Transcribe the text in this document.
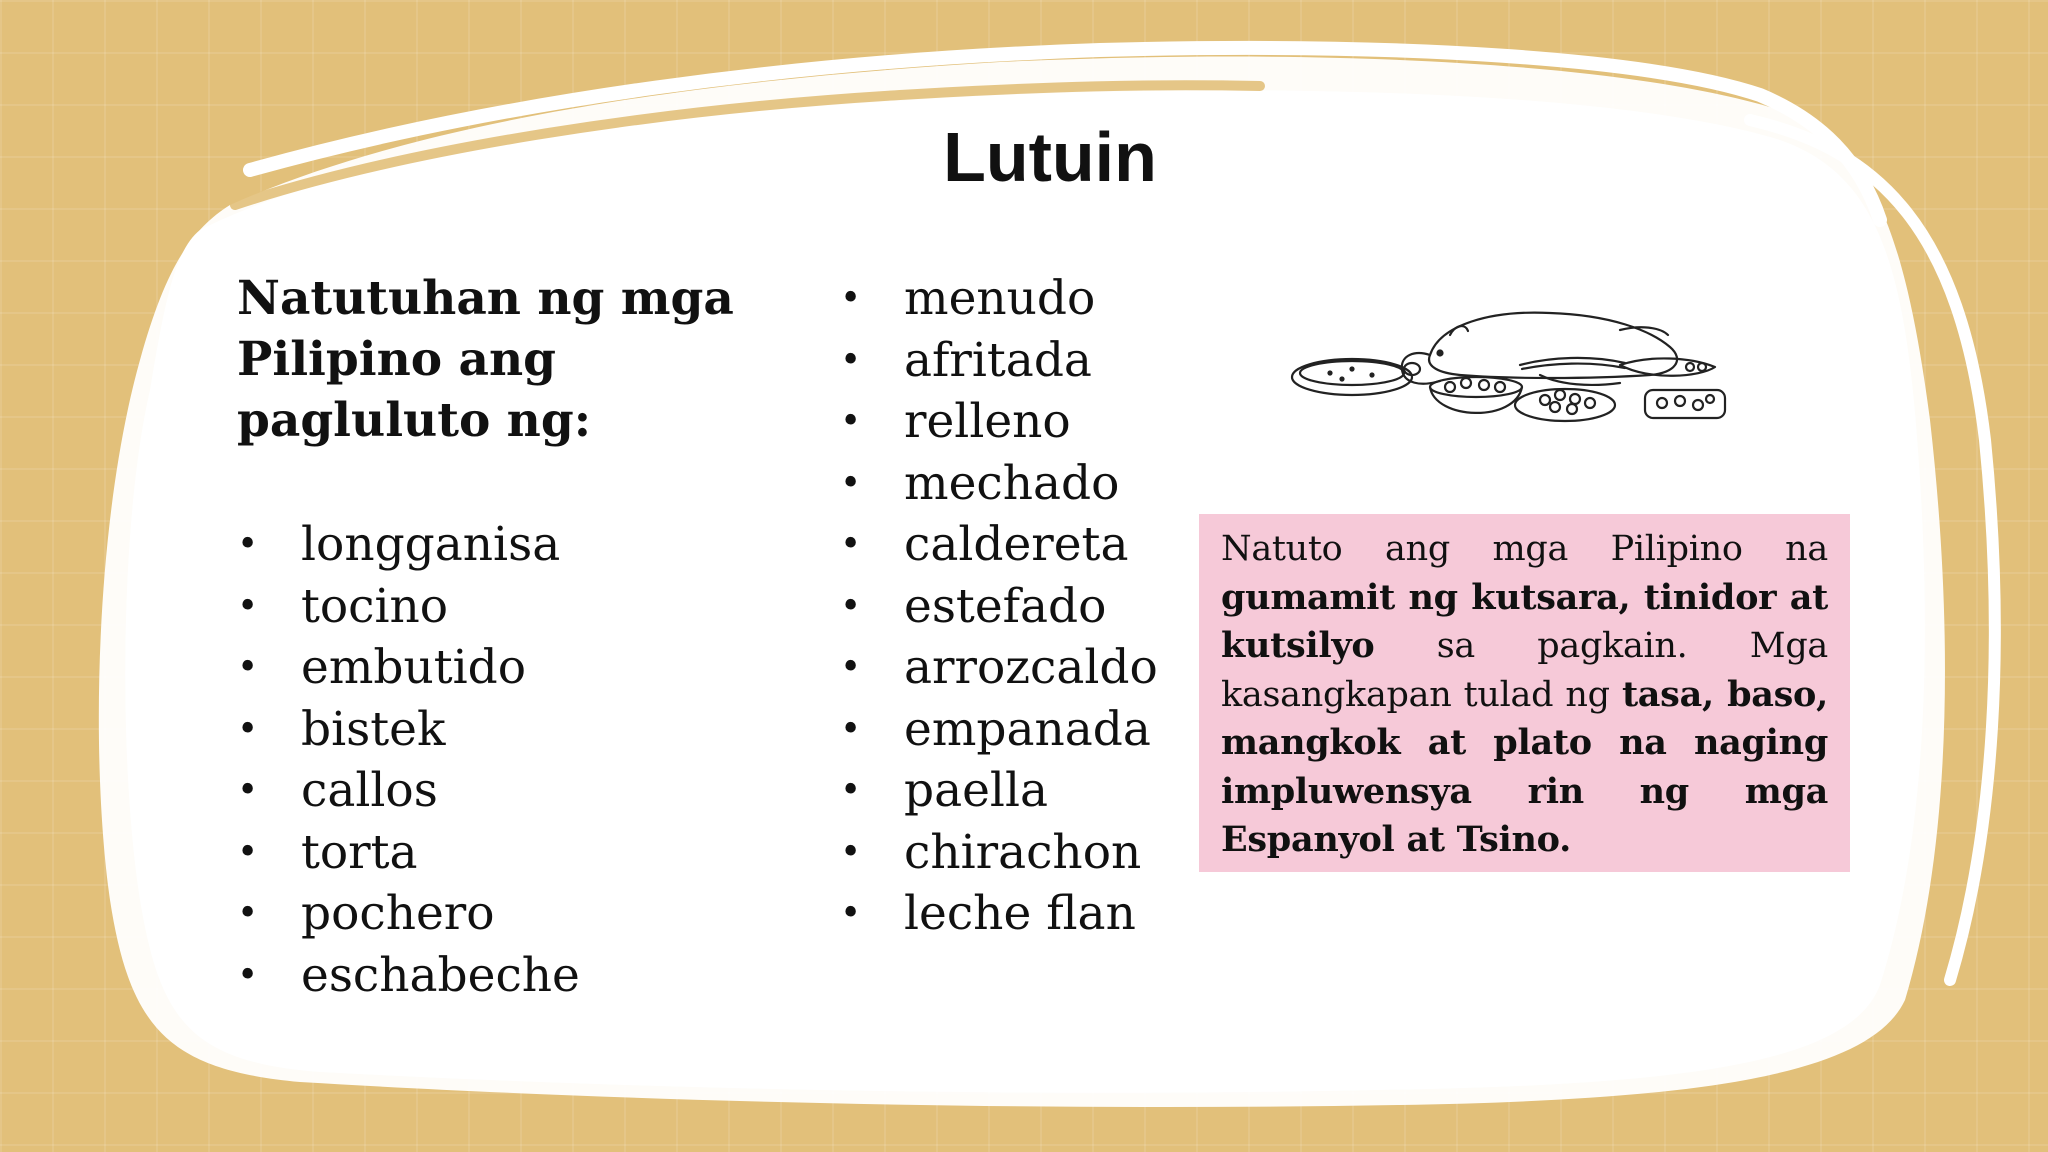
Lutuin

Natutuhan ng mga
Pilipino ang
pagluluto ng:

• longganisa
• tocino
• embutido
• bistek
• callos
• torta
• pochero
• eschabeche
• menudo
• afritada
• relleno
• mechado
• caldereta
• estefado
• arrozcaldo
• empanada
• paella
• chirachon
• leche flan

Natuto ang mga Pilipino na gumamit ng kutsara, tinidor at kutsilyo sa pagkain. Mga kasangkapan tulad ng tasa, baso, mangkok at plato na naging impluwensya rin ng mga Espanyol at Tsino.
